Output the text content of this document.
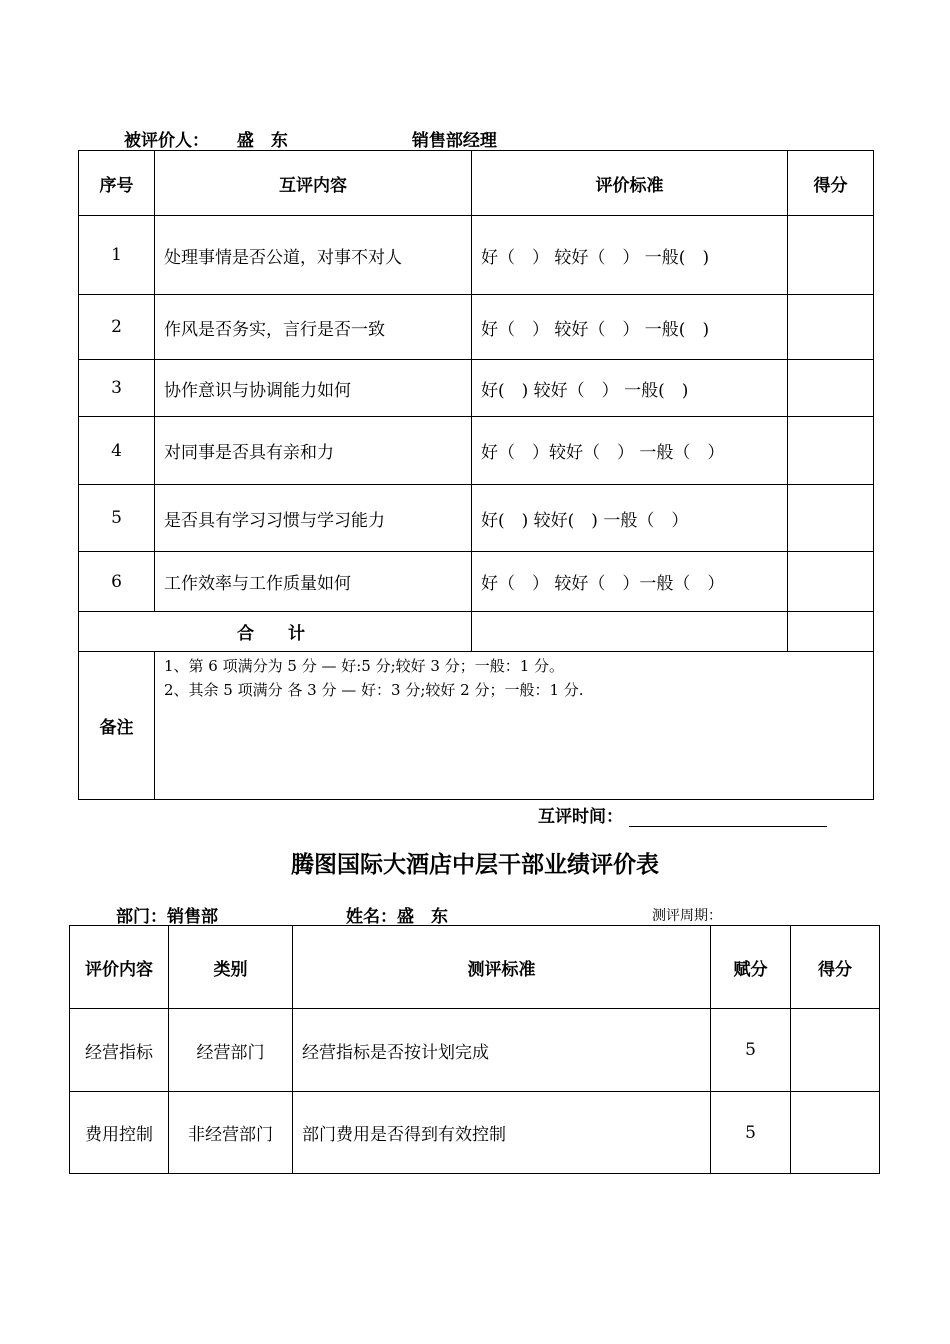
被评价人： 盛　东	销售部经理
序号	互评内容	评价标准	得分
1	处理事情是否公道，对事不对人	好（　） 较好（　） 一般(　)	
2	作风是否务实，言行是否一致	好（　） 较好（　） 一般(　)	
3	协作意识与协调能力如何	好(　) 较好（　） 一般(　)	
4	对同事是否具有亲和力	好（　）较好（　） 一般（　）	
5	是否具有学习习惯与学习能力	好(　) 较好(　) 一般（　）	
6	工作效率与工作质量如何	好（　） 较好（　）一般（　）	
合　　计			
备注	1、第 6 项满分为 5 分 — 好:5 分;较好 3 分；一般：1 分。
2、其余 5 项满分 各 3 分 — 好：3 分;较好 2 分；一般：1 分.		
互评时间：
腾图国际大酒店中层干部业绩评价表
部门：销售部	姓名：盛　东	测评周期：
评价内容	类别	测评标准	赋分	得分
经营指标	经营部门	经营指标是否按计划完成	5	
费用控制	非经营部门	部门费用是否得到有效控制	5	
